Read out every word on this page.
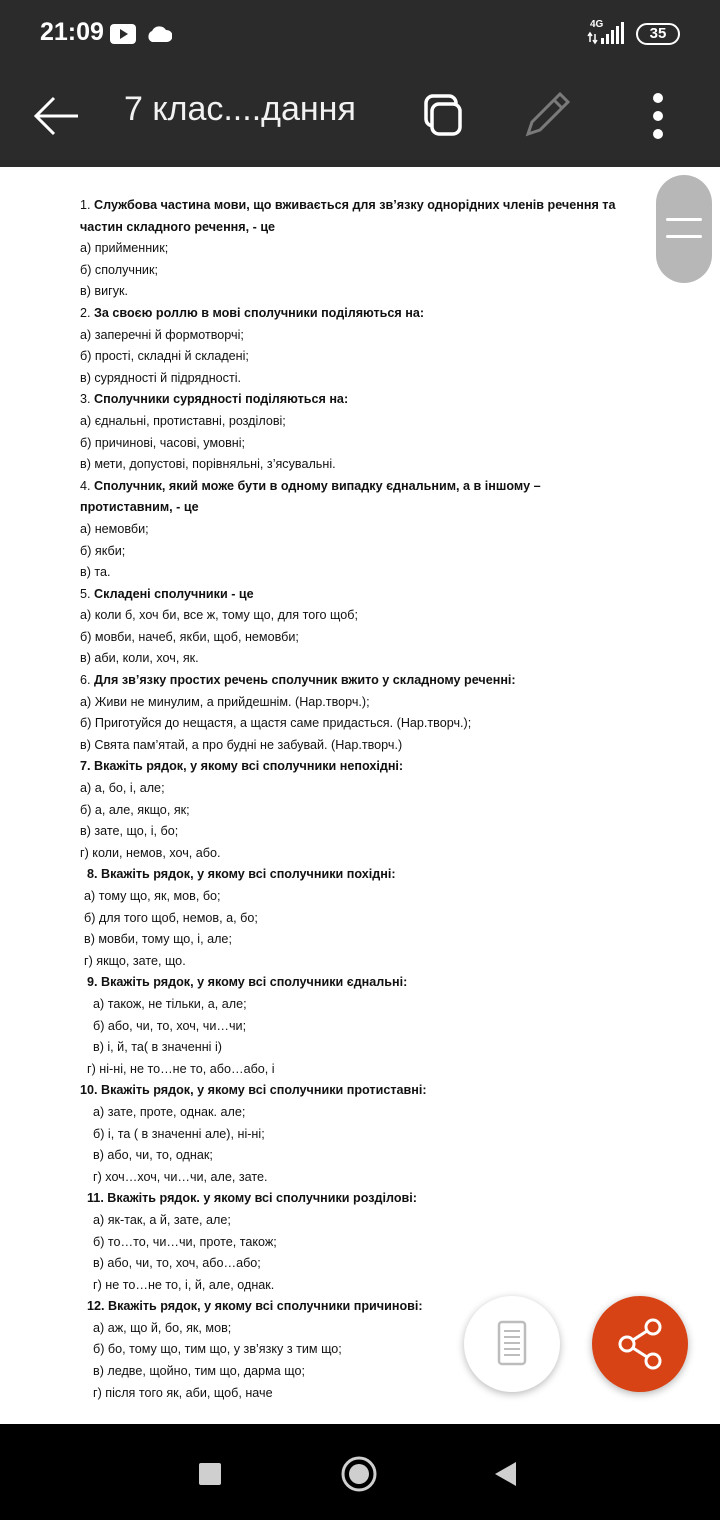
21:09	4G
35
7 клас....дання
1. Службова частина мови, що вживається для зв’язку однорідних членів речення та
частин складного речення, - це
а) прийменник;
б) сполучник;
в) вигук.
2. За своєю роллю в мові сполучники поділяються на:
а) заперечні й формотворчі;
б) прості, складні й складені;
в) сурядності й підрядності.
3. Сполучники сурядності поділяються на:
а) єднальні, протиставні, розділові;
б) причинові, часові, умовні;
в) мети, допустові, порівняльні, з’ясувальні.
4. Сполучник, який може бути в одному випадку єднальним, а в іншому –
протиставним, - це
а) немовби;
б) якби;
в) та.
5. Складені сполучники - це
а) коли б, хоч би, все ж, тому що, для того щоб;
б) мовби, начеб, якби, щоб, немовби;
в) аби, коли, хоч, як.
6. Для зв’язку простих речень сполучник вжито у складному реченні:
а) Живи не минулим, а прийдешнім. (Нар.творч.);
б) Приготуйся до нещастя, а щастя саме придасться. (Нар.творч.);
в) Свята пам’ятай, а про будні не забувай. (Нар.творч.)
7. Вкажіть рядок, у якому всі сполучники непохідні:
а) а, бо, і, але;
б) а, але, якщо, як;
в) зате, що, і, бо;
г) коли, немов, хоч, або.
8. Вкажіть рядок, у якому всі сполучники похідні:
а) тому що, як, мов, бо;
б) для того щоб, немов, а, бо;
в) мовби, тому що, і, але;
г) якщо, зате, що.
9. Вкажіть рядок, у якому всі сполучники єднальні:
а) також, не тільки, а, але;
б) або, чи, то, хоч, чи…чи;
в) і, й, та( в значенні і)
г) ні-ні, не то…не то, або…або, і
10. Вкажіть рядок, у якому всі сполучники протиставні:
а) зате, проте, однак. але;
б) і, та ( в значенні але), ні-ні;
в) або, чи, то, однак;
г) хоч…хоч, чи…чи, але, зате.
11. Вкажіть рядок. у якому всі сполучники розділові:
а) як-так, а й, зате, але;
б) то…то, чи…чи, проте, також;
в) або, чи, то, хоч, або…або;
г) не то…не то, і, й, але, однак.
12. Вкажіть рядок, у якому всі сполучники причинові:
а) аж, що й, бо, як, мов;
б) бо, тому що, тим що, у зв’язку з тим що;
в) ледве, щойно, тим що, дарма що;
г) після того як, аби, щоб, наче
